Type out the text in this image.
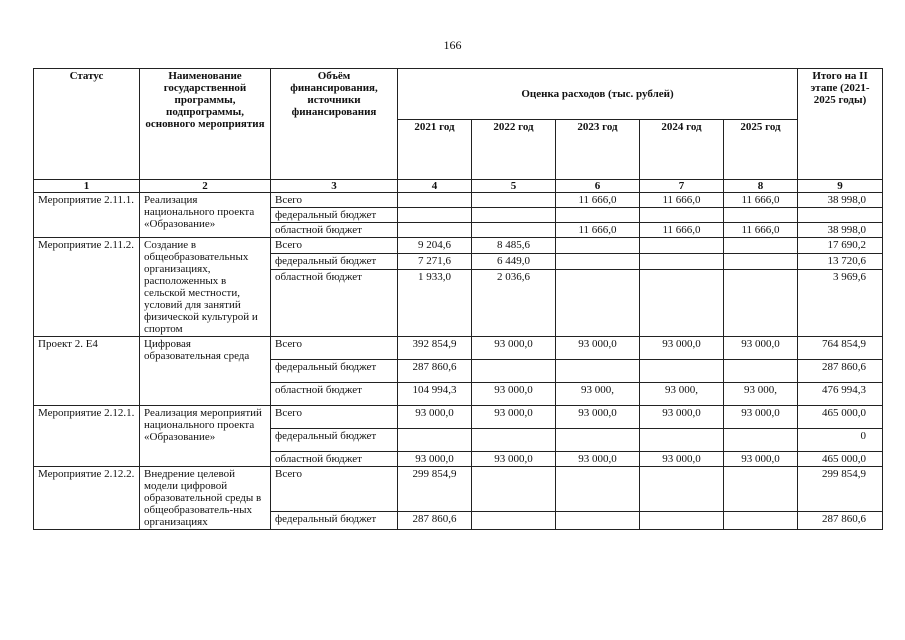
166
Статус	Наименование государственной программы, подпрограммы, основного мероприятия	Объём финансирования, источники финансирования	Оценка расходов (тыс. рублей)					Итого на II этапе (2021-2025 годы)
			2021 год	2022 год	2023 год	2024 год	2025 год	
1	2	3	4	5	6	7	8	9
Мероприятие 2.11.1.	Реализация национального проекта «Образование»	Всего			11 666,0	11 666,0	11 666,0	38 998,0
		федеральный бюджет						
		областной бюджет			11 666,0	11 666,0	11 666,0	38 998,0
Мероприятие 2.11.2.	Создание в общеобразовательных организациях, расположенных в сельской местности, условий для занятий физической культурой и спортом	Всего	9 204,6	8 485,6				17 690,2
		федеральный бюджет	7 271,6	6 449,0				13 720,6
		областной бюджет	1 933,0	2 036,6				3 969,6
Проект 2. Е4	Цифровая образовательная среда	Всего	392 854,9	93 000,0	93 000,0	93 000,0	93 000,0	764 854,9
		федеральный бюджет	287 860,6					287 860,6
		областной бюджет	104 994,3	93 000,0	93 000,	93 000,	93 000,	476 994,3
Мероприятие 2.12.1.	Реализация мероприятий национального проекта «Образование»	Всего	93 000,0	93 000,0	93 000,0	93 000,0	93 000,0	465 000,0
		федеральный бюджет						0
		областной бюджет	93 000,0	93 000,0	93 000,0	93 000,0	93 000,0	465 000,0
Мероприятие 2.12.2.	Внедрение целевой модели цифровой образовательной среды в общеобразователь-ных организациях	Всего	299 854,9					299 854,9
		федеральный бюджет	287 860,6					287 860,6
